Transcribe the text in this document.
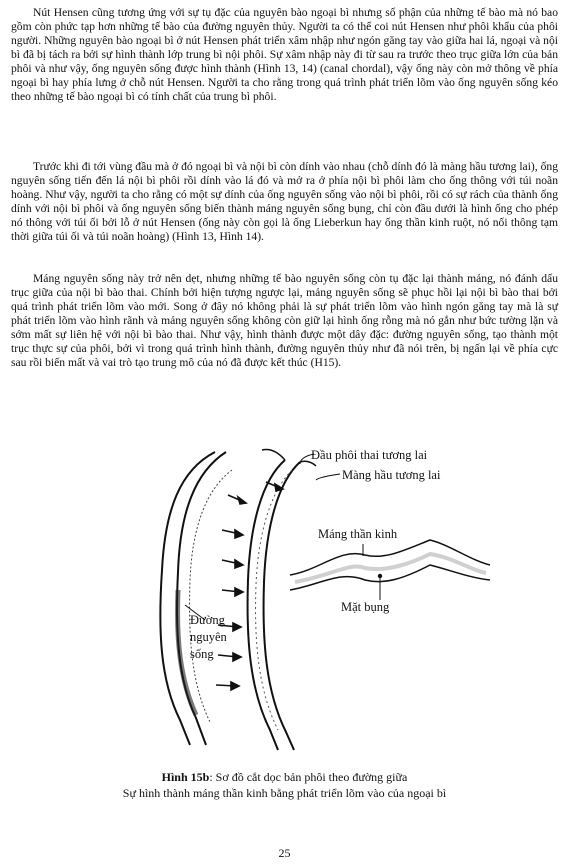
Nút Hensen cũng tương ứng với sự tụ đặc của nguyên bào ngoại bì nhưng số phận của những tế bào mà nó bao gồm còn phức tạp hơn những tế bào của đường nguyên thủy. Người ta có thể coi nút Hensen như phôi khẩu của phôi người. Những nguyên bào ngoại bì ở nút Hensen phát triển xâm nhập như ngón găng tay vào giữa hai lá, ngoại và nội bì đã bị tách ra bởi sự hình thành lớp trung bì nội phôi. Sự xâm nhập này đi từ sau ra trước theo trục giữa lớn của bản phôi và như vậy, ống nguyên sống được hình thành (Hình 13, 14) (canal chordal), vậy ống này còn mở thông về phía ngoại bì hay phía lưng ở chỗ nút Hensen. Người ta cho rằng trong quá trình phát triển lõm vào ống nguyên sống kéo theo những tế bào ngoại bì có tính chất của trung bì phôi.

Trước khi đi tới vùng đầu mà ở đó ngoại bì và nội bì còn dính vào nhau (chỗ dính đó là màng hầu tương lai), ống nguyên sống tiến đến lá nội bì phôi rồi dính vào lá đó và mở ra ở phía nội bì phôi làm cho ống thông với túi noãn hoàng. Như vậy, người ta cho rằng có một sự dính của ống nguyên sống vào nội bì phôi, rồi có sự rách của thành ống dính với nội bì phôi và ống nguyên sống biến thành máng nguyên sống bụng, chỉ còn đầu dưới là hình ống cho phép nó thông với túi ối bởi lỗ ở nút Hensen (ống này còn gọi là ống Lieberkun hay ống thần kinh ruột, nó nối thông tạm thời giữa túi ối và túi noãn hoàng) (Hình 13, Hình 14).

Máng nguyên sống này trở nên dẹt, nhưng những tế bào nguyên sống còn tụ đặc lại thành mảng, nó đánh dấu trục giữa của nội bì bào thai. Chính bởi hiện tượng ngược lại, mảng nguyên sống sẽ phục hồi lại nội bì bào thai bởi quá trình phát triển lõm vào mới. Song ở đây nó không phải là sự phát triển lõm vào hình ngón găng tay mà là sự phát triển lõm vào hình rãnh và mảng nguyên sống không còn giữ lại hình ống rỗng mà nó gắn như bức tường lặn và sớm mất sự liên hệ với nội bì bào thai. Như vậy, hình thành được một dây đặc: đường nguyên sống, tạo thành một trục thực sự của phôi, bởi vì trong quá trình hình thành, đường nguyên thủy như đã nói trên, bị ngấn lại về phía cực sau rồi biến mất và vai trò tạo trung mô của nó đã được kết thúc (H15).

Đầu phôi thai tương lai
Màng hầu tương lai
Máng thần kinh
Mặt bụng
Đường nguyên sống
Hình 15b: Sơ đồ cắt dọc bản phôi theo đường giữa
Sự hình thành máng thần kinh bằng phát triển lõm vào của ngoại bì
25
